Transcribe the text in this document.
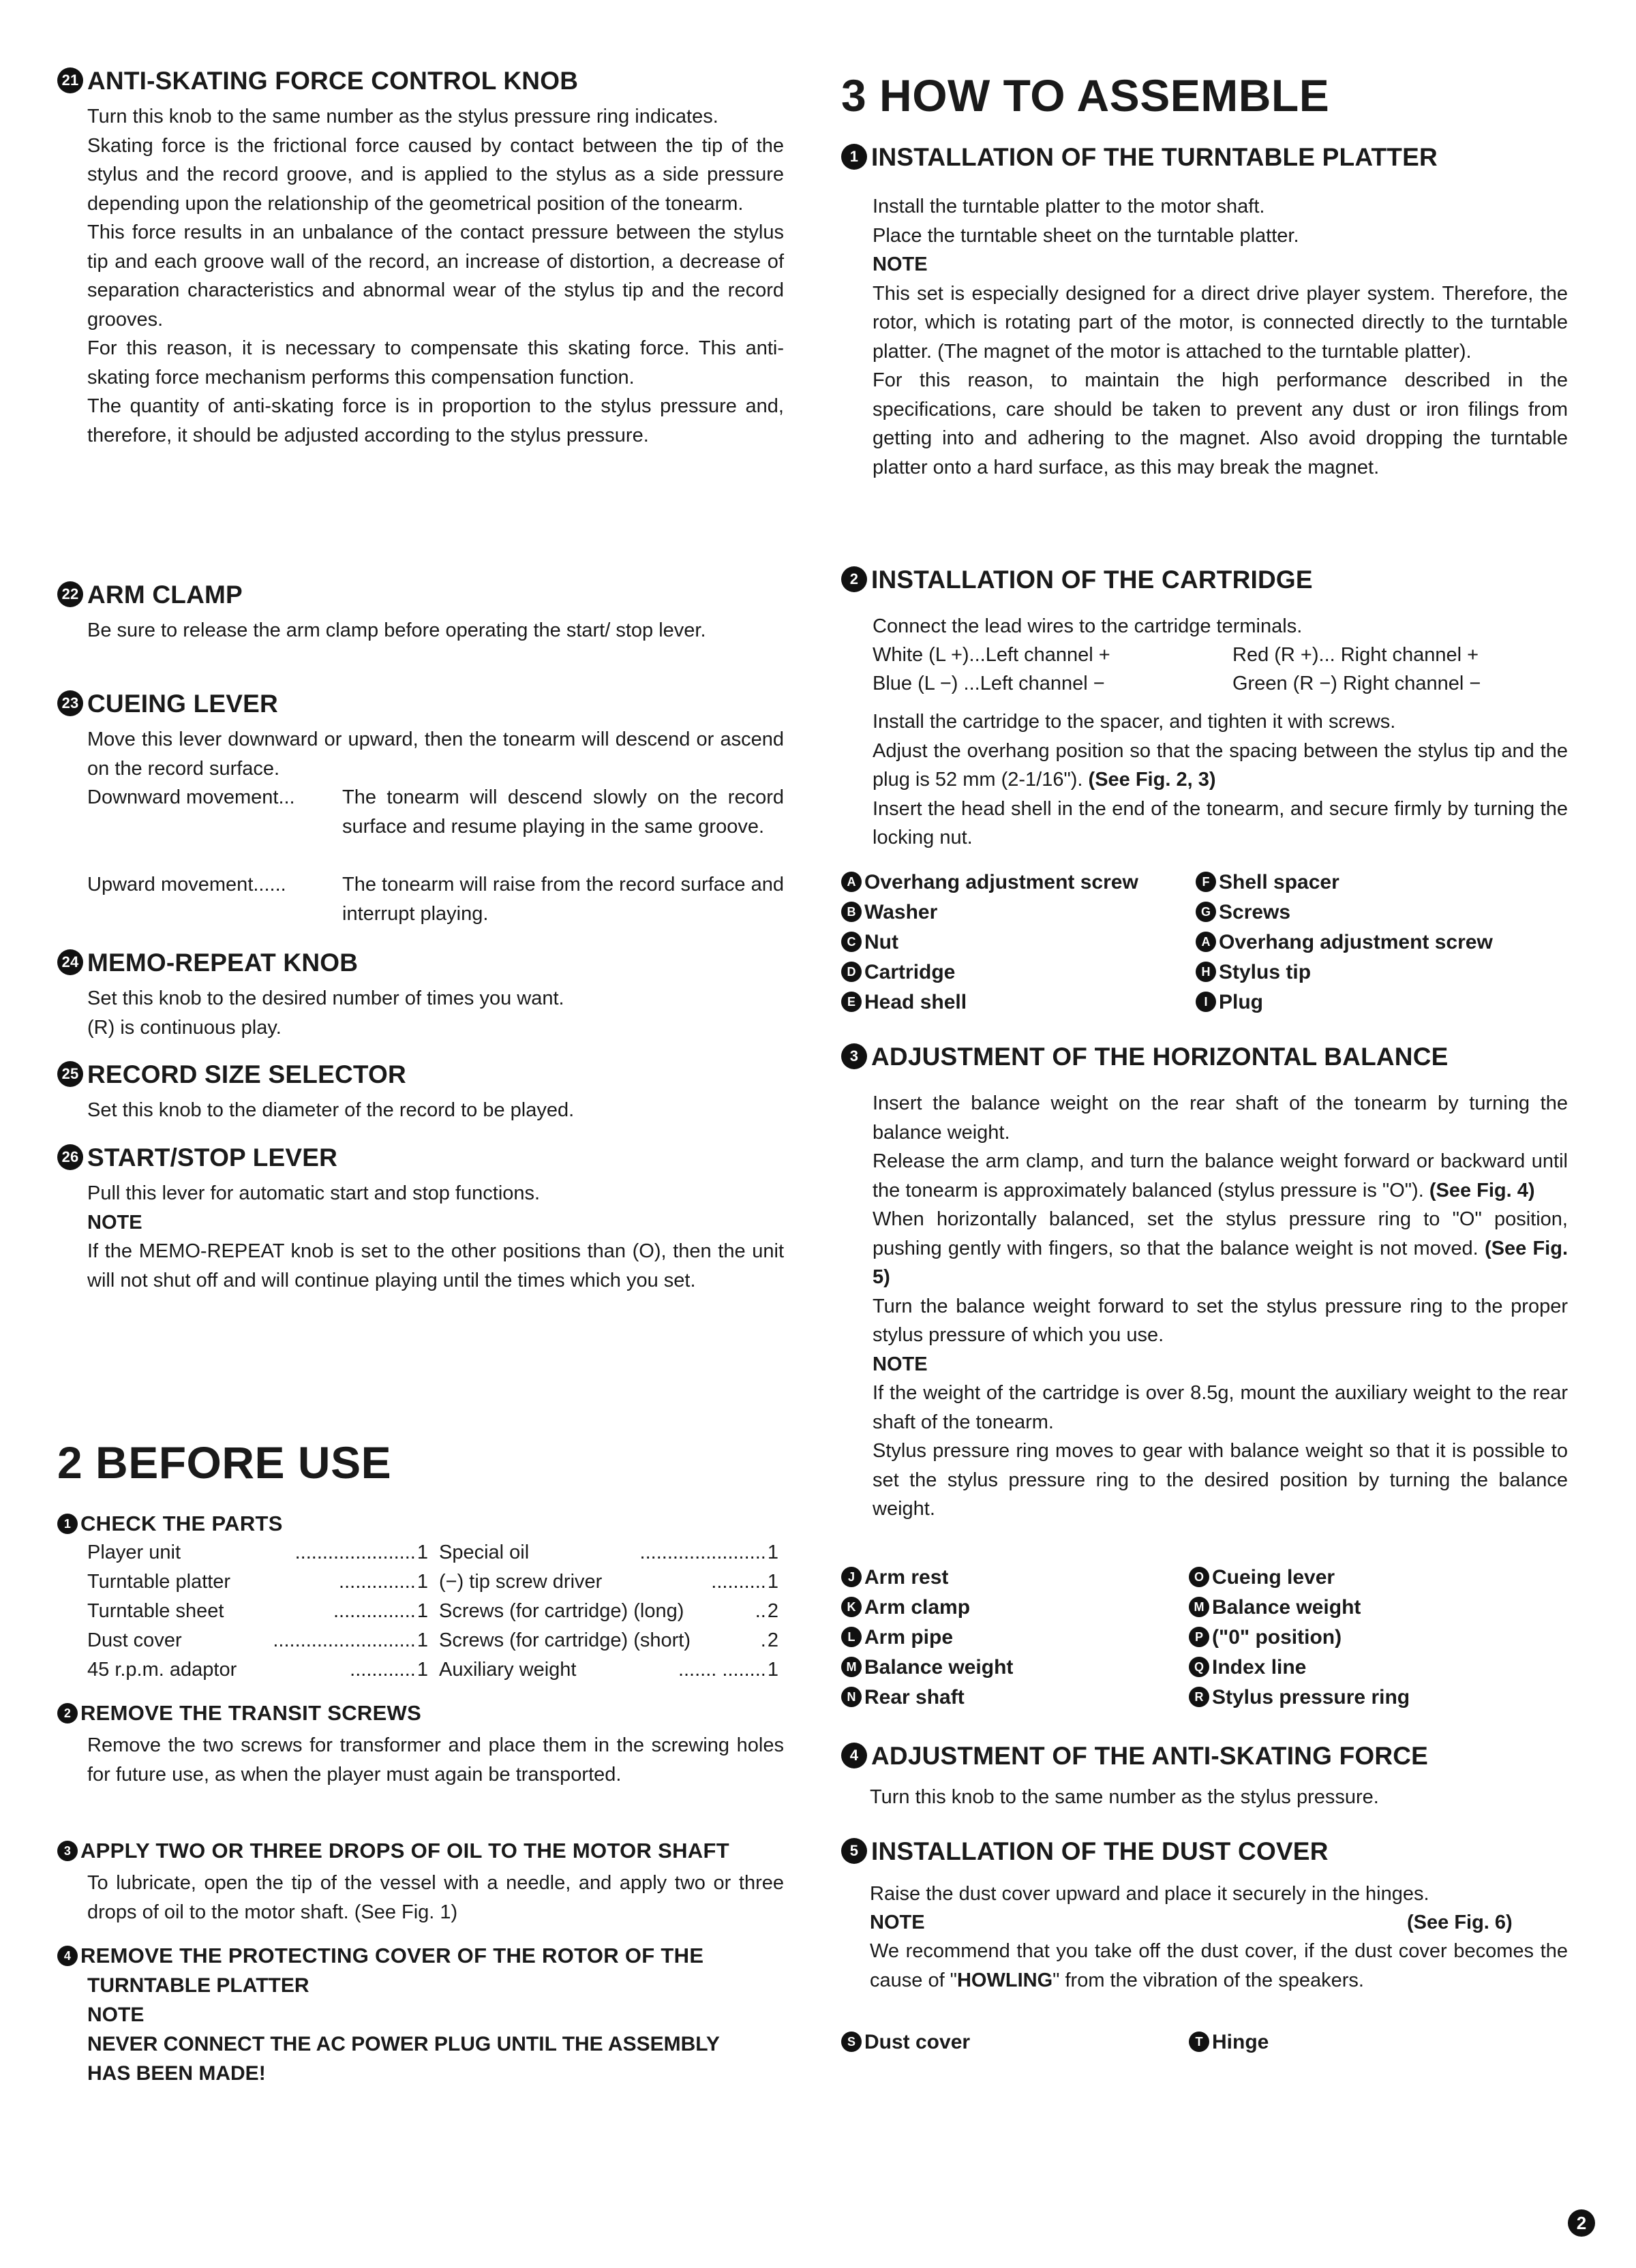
21 ANTI-SKATING FORCE CONTROL KNOB
Turn this knob to the same number as the stylus pressure ring indicates.
Skating force is the frictional force caused by contact between the tip of the stylus and the record groove, and is applied to the stylus as a side pressure depending upon the relationship of the geometrical position of the tonearm.
This force results in an unbalance of the contact pressure between the stylus tip and each groove wall of the record, an increase of distortion, a decrease of separation characteristics and abnormal wear of the stylus tip and the record grooves.
For this reason, it is necessary to compensate this skating force. This anti-skating force mechanism performs this compensation function.
The quantity of anti-skating force is in proportion to the stylus pressure and, therefore, it should be adjusted according to the stylus pressure.
22 ARM CLAMP
Be sure to release the arm clamp before operating the start/ stop lever.
23 CUEING LEVER
Move this lever downward or upward, then the tonearm will descend or ascend on the record surface.
Downward movement... The tonearm will descend slowly on the record surface and resume playing in the same groove.
Upward movement......	The tonearm will raise from the record surface and interrupt playing.
24 MEMO-REPEAT KNOB
Set this knob to the desired number of times you want.
(R) is continuous play.
25 RECORD SIZE SELECTOR
Set this knob to the diameter of the record to be played.
26 START/STOP LEVER
Pull this lever for automatic start and stop functions.
NOTE
If the MEMO-REPEAT knob is set to the other positions than (O), then the unit will not shut off and will continue playing until the times which you set.
2 BEFORE USE
1 CHECK THE PARTS
Player unit	...................... 1
Turntable platter	.............. 1
Turntable sheet	............... 1
Dust cover	.......................... 1
45 r.p.m. adaptor	............ 1
Special oil	....................... 1
(−) tip screw driver	.......... 1
Screws (for cartridge) (long)	.. 2
Screws (for cartridge) (short)	. 2
Auxiliary weight	....... ........ 1
2 REMOVE THE TRANSIT SCREWS
Remove the two screws for transformer and place them in the screwing holes for future use, as when the player must again be transported.
3 APPLY TWO OR THREE DROPS OF OIL TO THE MOTOR SHAFT
To lubricate, open the tip of the vessel with a needle, and apply two or three drops of oil to the motor shaft. (See Fig. 1)
4 REMOVE THE PROTECTING COVER OF THE ROTOR OF THE
TURNTABLE PLATTER
NOTE
NEVER CONNECT THE AC POWER PLUG UNTIL THE ASSEMBLY
HAS BEEN MADE!
3 HOW TO ASSEMBLE
1 INSTALLATION OF THE TURNTABLE PLATTER
Install the turntable platter to the motor shaft.
Place the turntable sheet on the turntable platter.
NOTE
This set is especially designed for a direct drive player system. Therefore, the rotor, which is rotating part of the motor, is connected directly to the turntable platter. (The magnet of the motor is attached to the turntable platter).
For this reason, to maintain the high performance described in the specifications, care should be taken to prevent any dust or iron filings from getting into and adhering to the magnet. Also avoid dropping the turntable platter onto a hard surface, as this may break the magnet.
2 INSTALLATION OF THE CARTRIDGE
Connect the lead wires to the cartridge terminals.
White (L +)...Left channel +	Red (R +)... Right channel +
Blue (L −) ...Left channel −	Green (R −) Right channel −
Install the cartridge to the spacer, and tighten it with screws.
Adjust the overhang position so that the spacing between the stylus tip and the plug is 52 mm (2-1/16"). (See Fig. 2, 3)
Insert the head shell in the end of the tonearm, and secure firmly by turning the locking nut.
A Overhang adjustment screw
B Washer
C Nut
D Cartridge
E Head shell
F Shell spacer
G Screws
A Overhang adjustment screw
H Stylus tip
I Plug
3 ADJUSTMENT OF THE HORIZONTAL BALANCE
Insert the balance weight on the rear shaft of the tonearm by turning the balance weight.
Release the arm clamp, and turn the balance weight forward or backward until the tonearm is approximately balanced (stylus pressure is "O"). (See Fig. 4)
When horizontally balanced, set the stylus pressure ring to "O" position, pushing gently with fingers, so that the balance weight is not moved. (See Fig. 5)
Turn the balance weight forward to set the stylus pressure ring to the proper stylus pressure of which you use.
NOTE
If the weight of the cartridge is over 8.5g, mount the auxiliary weight to the rear shaft of the tonearm.
Stylus pressure ring moves to gear with balance weight so that it is possible to set the stylus pressure ring to the desired position by turning the balance weight.
J Arm rest
K Arm clamp
L Arm pipe
M Balance weight
N Rear shaft
O Cueing lever
M Balance weight
P ("0" position)
Q Index line
R Stylus pressure ring
4 ADJUSTMENT OF THE ANTI-SKATING FORCE
Turn this knob to the same number as the stylus pressure.
5 INSTALLATION OF THE DUST COVER
Raise the dust cover upward and place it securely in the hinges.
NOTE	(See Fig. 6)
We recommend that you take off the dust cover, if the dust cover becomes the cause of "HOWLING" from the vibration of the speakers.
S Dust cover	T Hinge
2
